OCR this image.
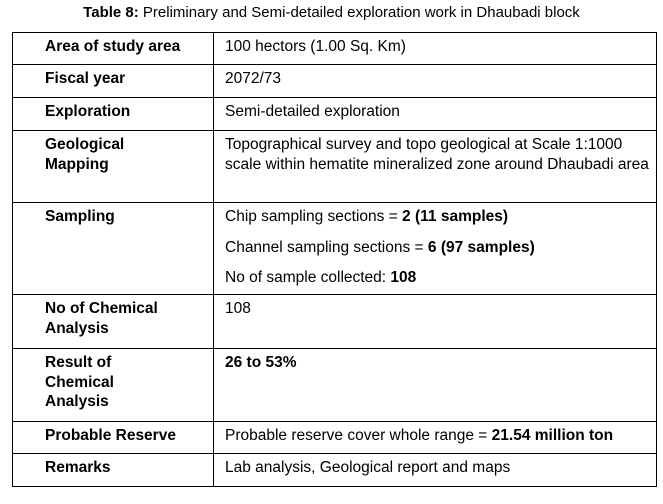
Table 8: Preliminary and Semi-detailed exploration work in Dhaubadi block
Area of study area	100 hectors (1.00 Sq. Km)
Fiscal year	2072/73
Exploration	Semi-detailed exploration
Geological
Mapping	Topographical survey and topo geological at Scale 1:1000 scale within hematite mineralized zone around Dhaubadi area
Sampling	Chip sampling sections = 2 (11 samples)

Channel sampling sections = 6 (97 samples)

No of sample collected: 108

No of Chemical
Analysis	108
Result of
Chemical
Analysis	26 to 53%
Probable Reserve	Probable reserve cover whole range = 21.54 million ton
Remarks	Lab analysis, Geological report and maps
